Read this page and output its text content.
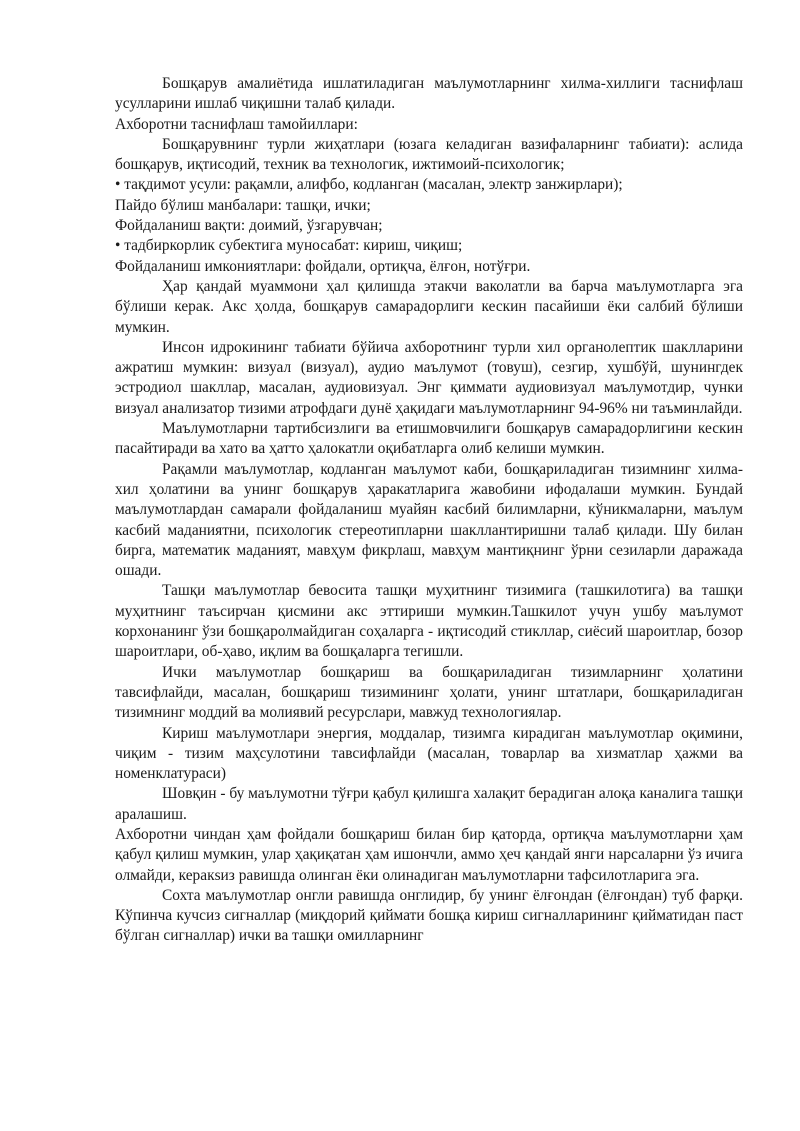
Бошқарув амалиётида ишлатиладиган маълумотларнинг хилма-хиллиги таснифлаш усулларини ишлаб чиқишни талаб қилади.

Ахборотни таснифлаш тамойиллари:

Бошқарувнинг турли жиҳатлари (юзага келадиган вазифаларнинг табиати): аслида бошқарув, иқтисодий, техник ва технологик, ижтимоий-психологик;

• тақдимот усули: рақамли, алифбо, кодланган (масалан, электр занжирлари);

Пайдо бўлиш манбалари: ташқи, ички;

Фойдаланиш вақти: доимий, ўзгарувчан;

• тадбиркорлик субектига муносабат: кириш, чиқиш;

Фойдаланиш имкониятлари: фойдали, ортиқча, ёлғон, нотўғри.

Ҳар қандай муаммони ҳал қилишда этакчи ваколатли ва барча маълумотларга эга бўлиши керак. Акс ҳолда, бошқарув самарадорлиги кескин пасайиши ёки салбий бўлиши мумкин.

Инсон идрокининг табиати бўйича ахборотнинг турли хил органолептик шаклларини ажратиш мумкин: визуал (визуал), аудио маълумот (товуш), сезгир, хушбўй, шунингдек эстродиол шакллар, масалан, аудиовизуал. Энг қиммати аудиовизуал маълумотдир, чунки визуал анализатор тизими атрофдаги дунё ҳақидаги маълумотларнинг 94-96% ни таъминлайди.

Маълумотларни тартибсизлиги ва етишмовчилиги бошқарув самарадорлигини кескин пасайтиради ва хато ва ҳатто ҳалокатли оқибатларга олиб келиши мумкин.

Рақамли маълумотлар, кодланган маълумот каби, бошқариладиган тизимнинг хилма-хил ҳолатини ва унинг бошқарув ҳаракатларига жавобини ифодалаши мумкин. Бундай маълумотлардан самарали фойдаланиш муайян касбий билимларни, кўникмаларни, маълум касбий маданиятни, психологик стереотипларни шакллантиришни талаб қилади. Шу билан бирга, математик маданият, мавҳум фикрлаш, мавҳум мантиқнинг ўрни сезиларли даражада ошади.

Ташқи маълумотлар бевосита ташқи муҳитнинг тизимига (ташкилотига) ва ташқи муҳитнинг таъсирчан қисмини акс эттириши мумкин.Ташкилот учун ушбу маълумот корхонанинг ўзи бошқаролмайдиган соҳаларга - иқтисодий стикллар, сиёсий шароитлар, бозор шароитлари, об-ҳаво, иқлим ва бошқаларга тегишли.

Ички маълумотлар бошқариш ва бошқариладиган тизимларнинг ҳолатини тавсифлайди, масалан, бошқариш тизимининг ҳолати, унинг штатлари, бошқариладиган тизимнинг моддий ва молиявий ресурслари, мавжуд технологиялар.

Кириш маълумотлари энергия, моддалар, тизимга кирадиган маълумотлар оқимини, чиқим - тизим маҳсулотини тавсифлайди (масалан, товарлар ва хизматлар ҳажми ва номенклатураси)

Шовқин - бу маълумотни тўғри қабул қилишга халақит берадиган алоқа каналига ташқи аралашиш.

Ахборотни чиндан ҳам фойдали бошқариш билан бир қаторда, ортиқча маълумотларни ҳам қабул қилиш мумкин, улар ҳақиқатан ҳам ишончли, аммо ҳеч қандай янги нарсаларни ўз ичига олмайди, керакsиз равишда олинган ёки олинадиган маълумотларни тафсилотларига эга.

Сохта маълумотлар онгли равишда онглидир, бу унинг ёлғондан (ёлғондан) туб фарқи. Кўпинча кучсиз сигналлар (миқдорий қиймати бошқа кириш сигналларининг қийматидан паст бўлган сигналлар) ички ва ташқи омилларнинг
